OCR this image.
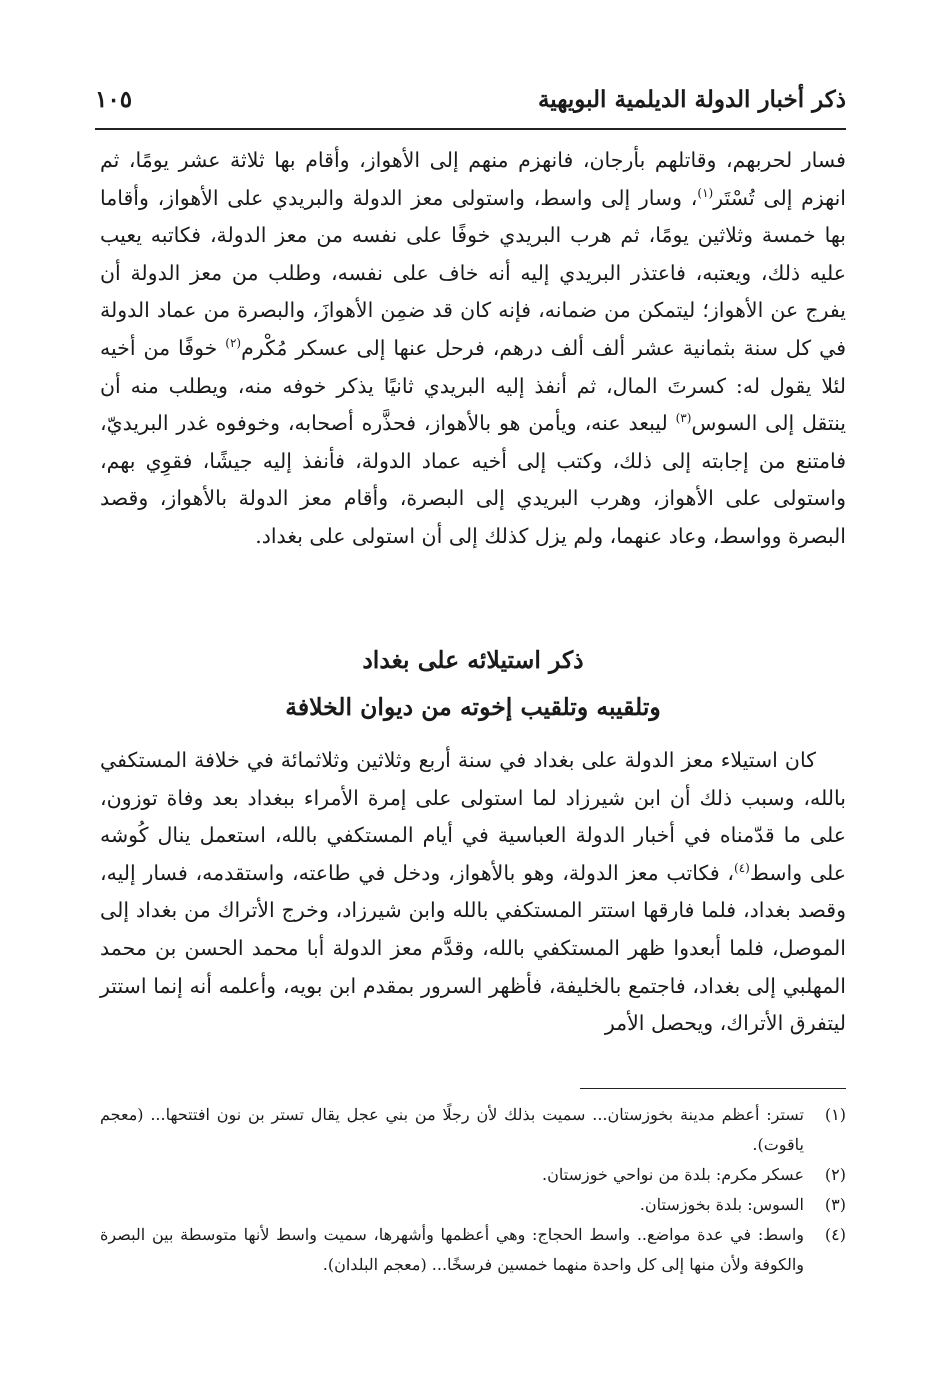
ذكر أخبار الدولة الديلمية البويهية
١٠٥

فسار لحربهم، وقاتلهم بأرجان، فانهزم منهم إلى الأهواز، وأقام بها ثلاثة عشر يومًا، ثم انهزم إلى تُسْتَر$^{(١)}$، وسار إلى واسط، واستولى معز الدولة والبريدي على الأهواز، وأقاما بها خمسة وثلاثين يومًا، ثم هرب البريدي خوفًا على نفسه من معز الدولة، فكاتبه يعيب عليه ذلك، ويعتبه، فاعتذر البريدي إليه أنه خاف على نفسه، وطلب من معز الدولة أن يفرج عن الأهواز؛ ليتمكن من ضمانه، فإنه كان قد ضمِن الأهوازَ، والبصرة من عماد الدولة في كل سنة بثمانية عشر ألف ألف درهم، فرحل عنها إلى عسكر مُكْرم$^{(٢)}$ خوفًا من أخيه لئلا يقول له: كسرتَ المال، ثم أنفذ إليه البريدي ثانيًا يذكر خوفه منه، ويطلب منه أن ينتقل إلى السوس$^{(٣)}$ ليبعد عنه، ويأمن هو بالأهواز، فحذَّره أصحابه، وخوفوه غدر البريديّ، فامتنع من إجابته إلى ذلك، وكتب إلى أخيه عماد الدولة، فأنفذ إليه جيشًا، فقوِي بهم، واستولى على الأهواز، وهرب البريدي إلى البصرة، وأقام معز الدولة بالأهواز، وقصد البصرة وواسط، وعاد عنهما، ولم يزل كذلك إلى أن استولى على بغداد.

ذكر استيلائه على بغداد
وتلقيبه وتلقيب إخوته من ديوان الخلافة

كان استيلاء معز الدولة على بغداد في سنة أربع وثلاثين وثلاثمائة في خلافة المستكفي بالله، وسبب ذلك أن ابن شيرزاد لما استولى على إمرة الأمراء ببغداد بعد وفاة توزون، على ما قدّمناه في أخبار الدولة العباسية في أيام المستكفي بالله، استعمل ينال كُوشه على واسط$^{(٤)}$، فكاتب معز الدولة، وهو بالأهواز، ودخل في طاعته، واستقدمه، فسار إليه، وقصد بغداد، فلما فارقها استتر المستكفي بالله وابن شيرزاد، وخرج الأتراك من بغداد إلى الموصل، فلما أبعدوا ظهر المستكفي بالله، وقدَّم معز الدولة أبا محمد الحسن بن محمد المهلبي إلى بغداد، فاجتمع بالخليفة، فأظهر السرور بمقدم ابن بويه، وأعلمه أنه إنما استتر ليتفرق الأتراك، ويحصل الأمر

(١)
تستر: أعظم مدينة بخوزستان... سميت بذلك لأن رجلًا من بني عجل يقال تستر بن نون افتتحها... (معجم ياقوت).
(٢)
عسكر مكرم: بلدة من نواحي خوزستان.
(٣)
السوس: بلدة بخوزستان.
(٤)
واسط: في عدة مواضع.. واسط الحجاج: وهي أعظمها وأشهرها، سميت واسط لأنها متوسطة بين البصرة والكوفة ولأن منها إلى كل واحدة منهما خمسين فرسخًا... (معجم البلدان).
